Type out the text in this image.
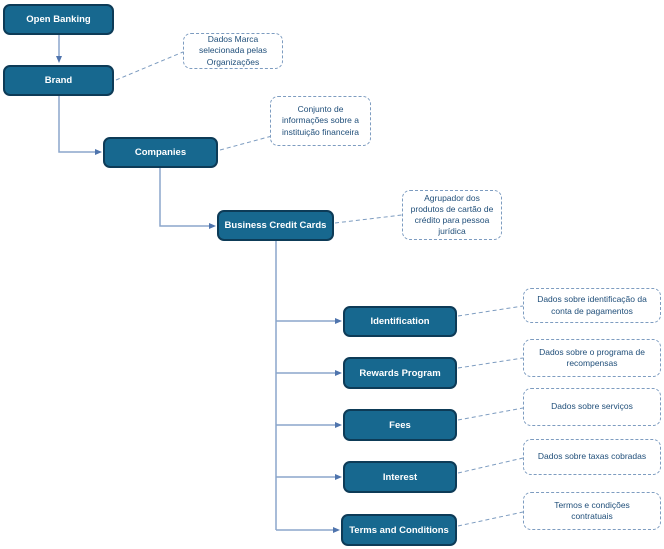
Open Banking
Brand
Companies
Business Credit Cards
Identification
Rewards Program
Fees
Interest
Terms and Conditions
Dados Marca selecionada pelas Organizações
Conjunto de informações sobre a instituição financeira
Agrupador dos produtos de cartão de crédito para pessoa jurídica
Dados sobre identificação da conta de pagamentos
Dados sobre o programa de recompensas
Dados sobre serviços
Dados sobre taxas cobradas
Termos e condições contratuais
